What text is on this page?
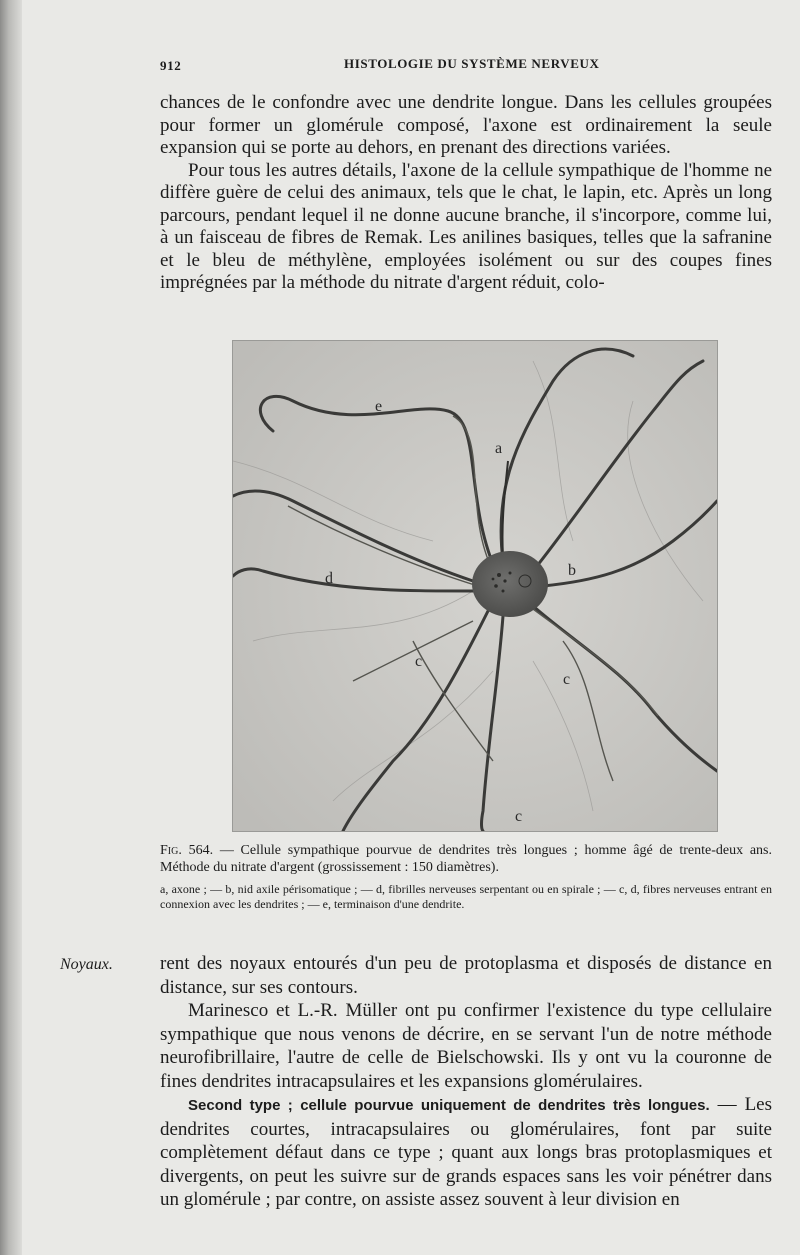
912	HISTOLOGIE DU SYSTÈME NERVEUX

chances de le confondre avec une dendrite longue. Dans les cellules groupées pour former un glomérule composé, l'axone est ordinairement la seule expansion qui se porte au dehors, en prenant des directions variées.

Pour tous les autres détails, l'axone de la cellule sympathique de l'homme ne diffère guère de celui des animaux, tels que le chat, le lapin, etc. Après un long parcours, pendant lequel il ne donne aucune branche, il s'incorpore, comme lui, à un faisceau de fibres de Remak. Les anilines basiques, telles que la safranine et le bleu de méthylène, employées isolément ou sur des coupes fines imprégnées par la méthode du nitrate d'argent réduit, colo-

e
a
b
d
c
c
c

Fig. 564. — Cellule sympathique pourvue de dendrites très longues ; homme âgé de trente-deux ans. Méthode du nitrate d'argent (grossissement : 150 diamètres).

a, axone ; — b, nid axile périsomatique ; — d, fibrilles nerveuses serpentant ou en spirale ; — c, d, fibres nerveuses entrant en connexion avec les dendrites ; — e, terminaison d'une dendrite.

Noyaux. rent des noyaux entourés d'un peu de protoplasma et disposés de distance en distance, sur ses contours.

Marinesco et L.-R. Müller ont pu confirmer l'existence du type cellulaire sympathique que nous venons de décrire, en se servant l'un de notre méthode neurofibrillaire, l'autre de celle de Bielschowski. Ils y ont vu la couronne de fines dendrites intracapsulaires et les expansions glomérulaires.

Second type ; cellule pourvue uniquement de dendrites très longues. — Les dendrites courtes, intracapsulaires ou glomérulaires, font par suite complètement défaut dans ce type ; quant aux longs bras protoplasmiques et divergents, on peut les suivre sur de grands espaces sans les voir pénétrer dans un glomérule ; par contre, on assiste assez souvent à leur division en
